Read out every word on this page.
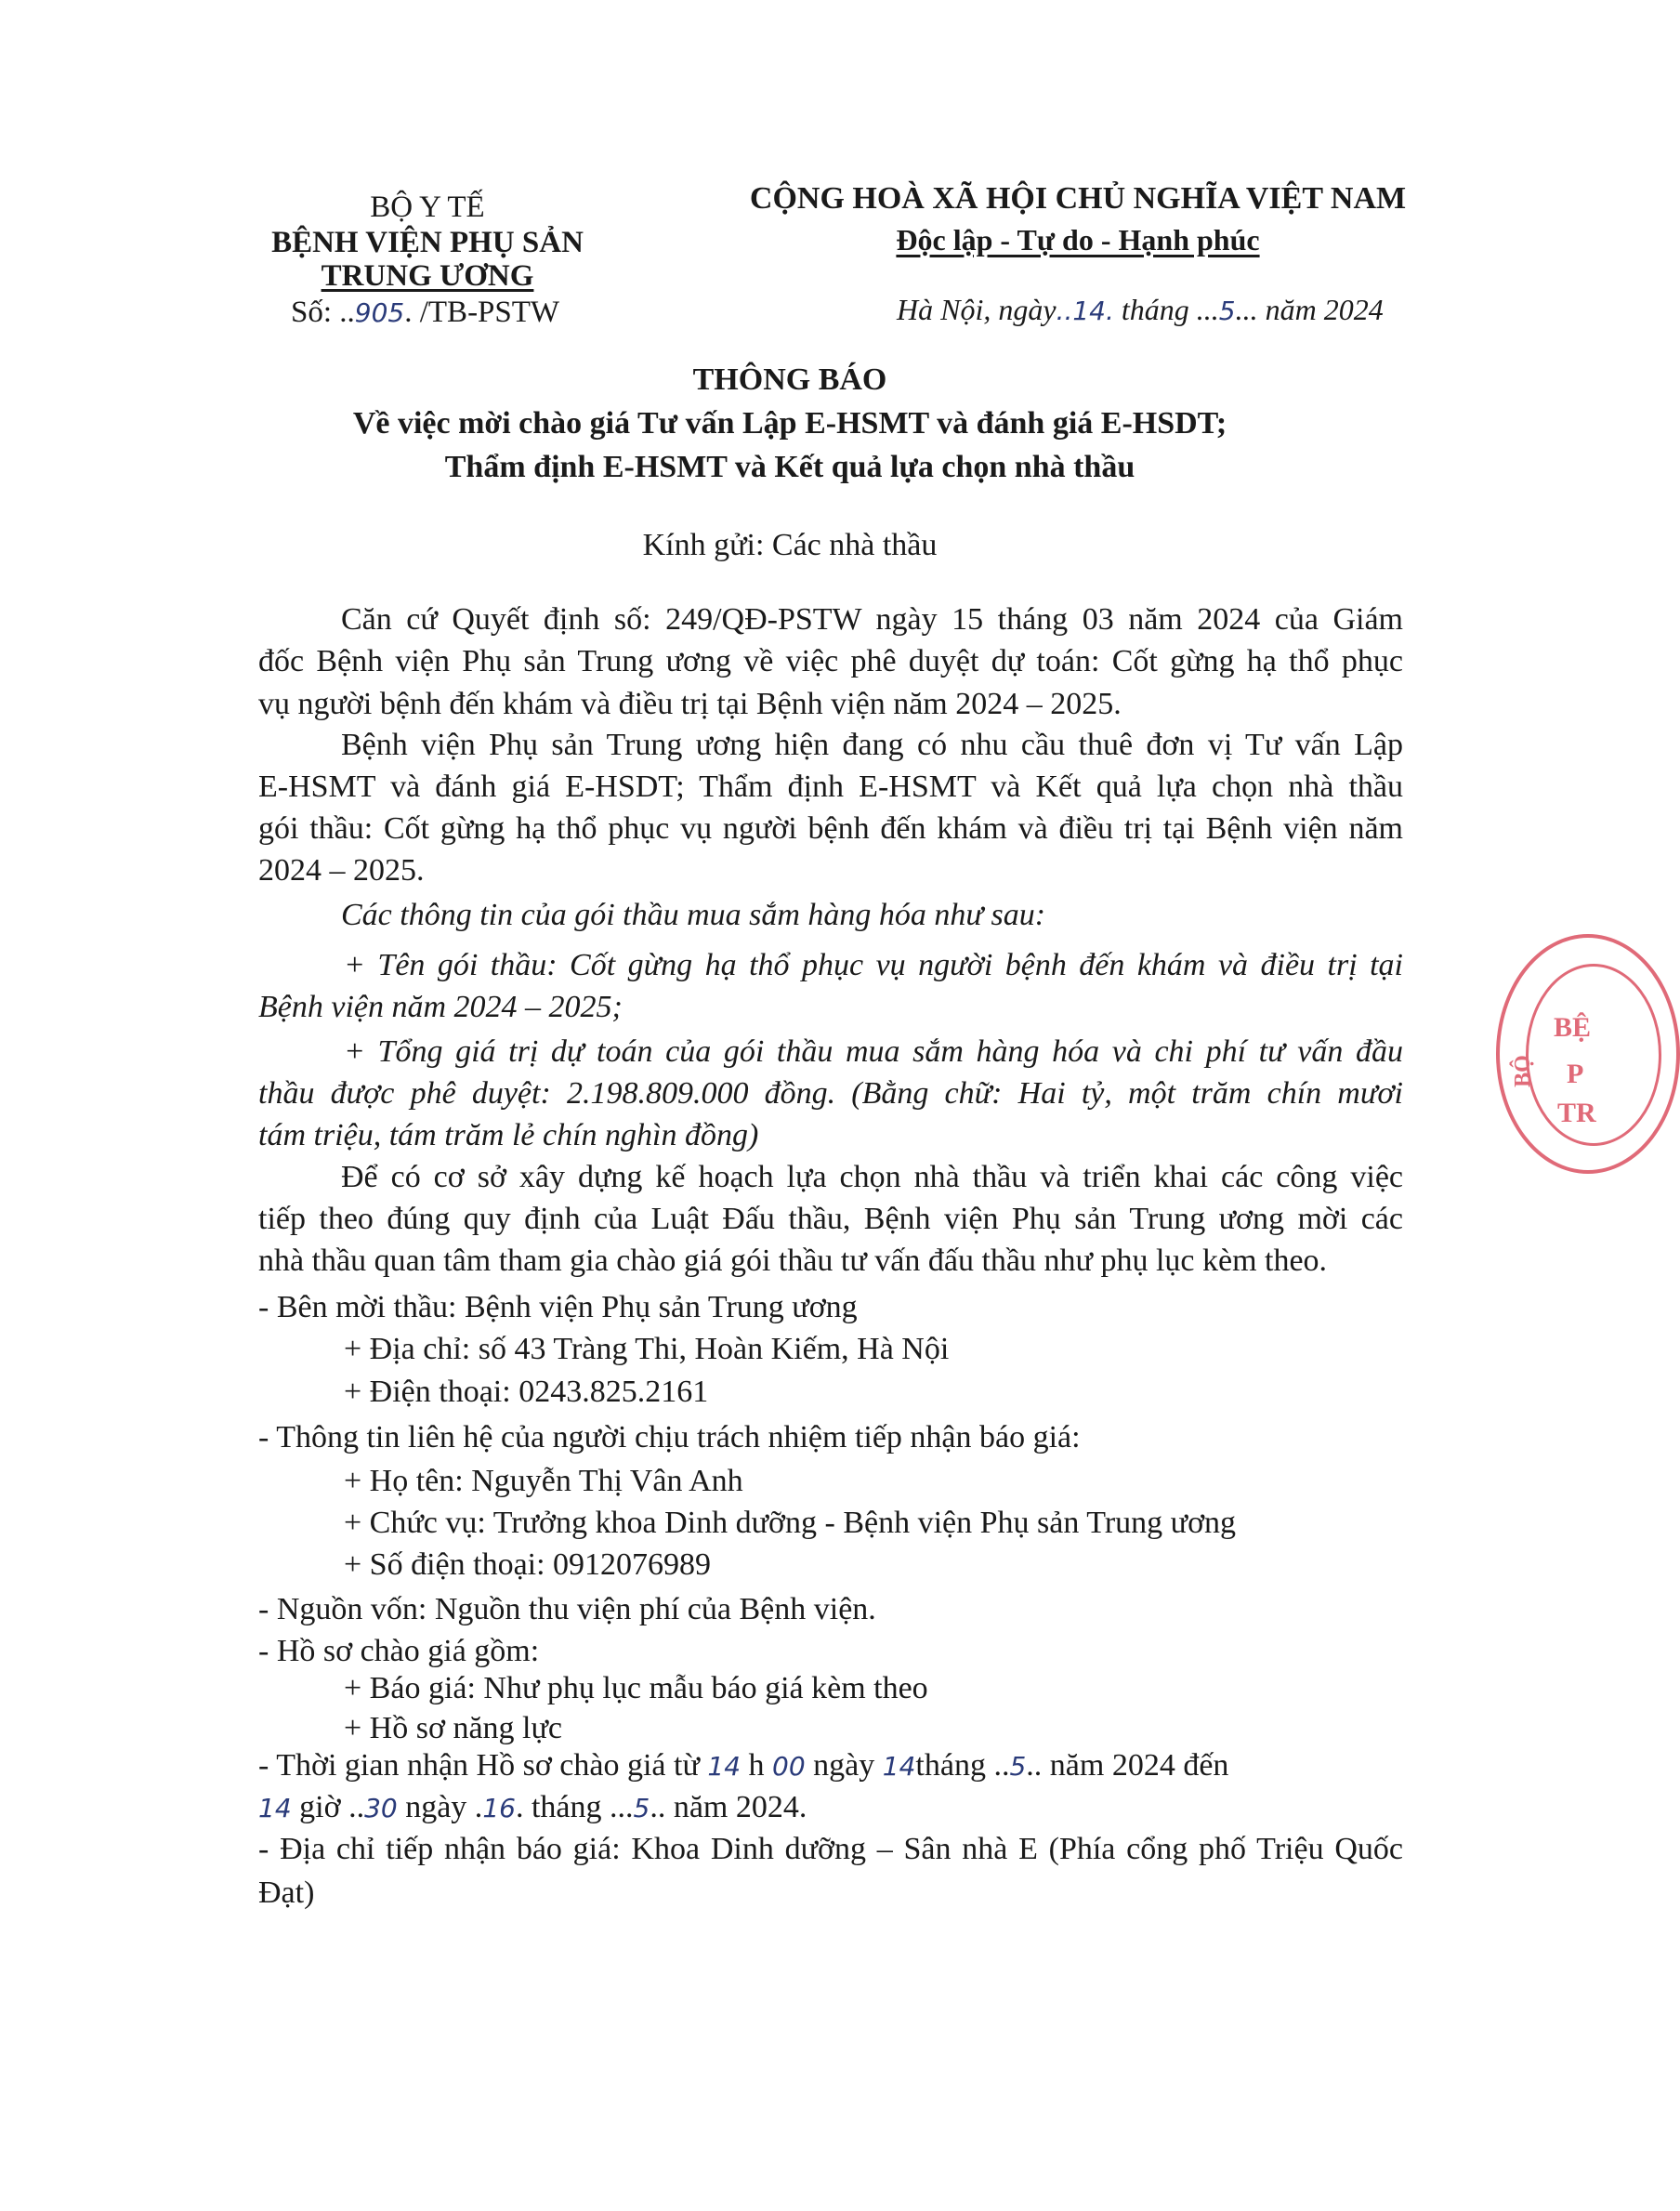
BỘ Y TẾ
BỆNH VIỆN PHỤ SẢN
TRUNG ƯƠNG
Số: ..905. /TB-PSTW
CỘNG HOÀ XÃ HỘI CHỦ NGHĨA VIỆT NAM
Độc lập - Tự do - Hạnh phúc
Hà Nội, ngày..14. tháng ...5... năm 2024
THÔNG BÁO
Về việc mời chào giá Tư vấn Lập E-HSMT và đánh giá E-HSDT;
Thẩm định E-HSMT và Kết quả lựa chọn nhà thầu
Kính gửi: Các nhà thầu
Căn cứ Quyết định số: 249/QĐ-PSTW ngày 15 tháng 03 năm 2024 của Giám
đốc Bệnh viện Phụ sản Trung ương về việc phê duyệt dự toán: Cốt gừng hạ thổ phục
vụ người bệnh đến khám và điều trị tại Bệnh viện năm 2024 – 2025.
Bệnh viện Phụ sản Trung ương hiện đang có nhu cầu thuê đơn vị Tư vấn Lập
E-HSMT và đánh giá E-HSDT; Thẩm định E-HSMT và Kết quả lựa chọn nhà thầu
gói thầu: Cốt gừng hạ thổ phục vụ người bệnh đến khám và điều trị tại Bệnh viện năm
2024 – 2025.
Các thông tin của gói thầu mua sắm hàng hóa như sau:
+ Tên gói thầu: Cốt gừng hạ thổ phục vụ người bệnh đến khám và điều trị tại
Bệnh viện năm 2024 – 2025;
+ Tổng giá trị dự toán của gói thầu mua sắm hàng hóa và chi phí tư vấn đầu
thầu được phê duyệt: 2.198.809.000 đồng. (Bằng chữ: Hai tỷ, một trăm chín mươi
tám triệu, tám trăm lẻ chín nghìn đồng)
Để có cơ sở xây dựng kế hoạch lựa chọn nhà thầu và triển khai các công việc
tiếp theo đúng quy định của Luật Đấu thầu, Bệnh viện Phụ sản Trung ương mời các
nhà thầu quan tâm tham gia chào giá gói thầu tư vấn đấu thầu như phụ lục kèm theo.
- Bên mời thầu: Bệnh viện Phụ sản Trung ương
+ Địa chỉ: số 43 Tràng Thi, Hoàn Kiếm, Hà Nội
+ Điện thoại: 0243.825.2161
- Thông tin liên hệ của người chịu trách nhiệm tiếp nhận báo giá:
+ Họ tên: Nguyễn Thị Vân Anh
+ Chức vụ: Trưởng khoa Dinh dưỡng - Bệnh viện Phụ sản Trung ương
+ Số điện thoại: 0912076989
- Nguồn vốn: Nguồn thu viện phí của Bệnh viện.
- Hồ sơ chào giá gồm:
+ Báo giá: Như phụ lục mẫu báo giá kèm theo
+ Hồ sơ năng lực
- Thời gian nhận Hồ sơ chào giá từ 14 h 00 ngày 14tháng ..5.. năm 2024 đến
14 giờ ..30 ngày .16. tháng ...5.. năm 2024.
- Địa chỉ tiếp nhận báo giá: Khoa Dinh dưỡng – Sân nhà E (Phía cổng phố Triệu Quốc
Đạt)
BỆ
P
TR
BỘ
